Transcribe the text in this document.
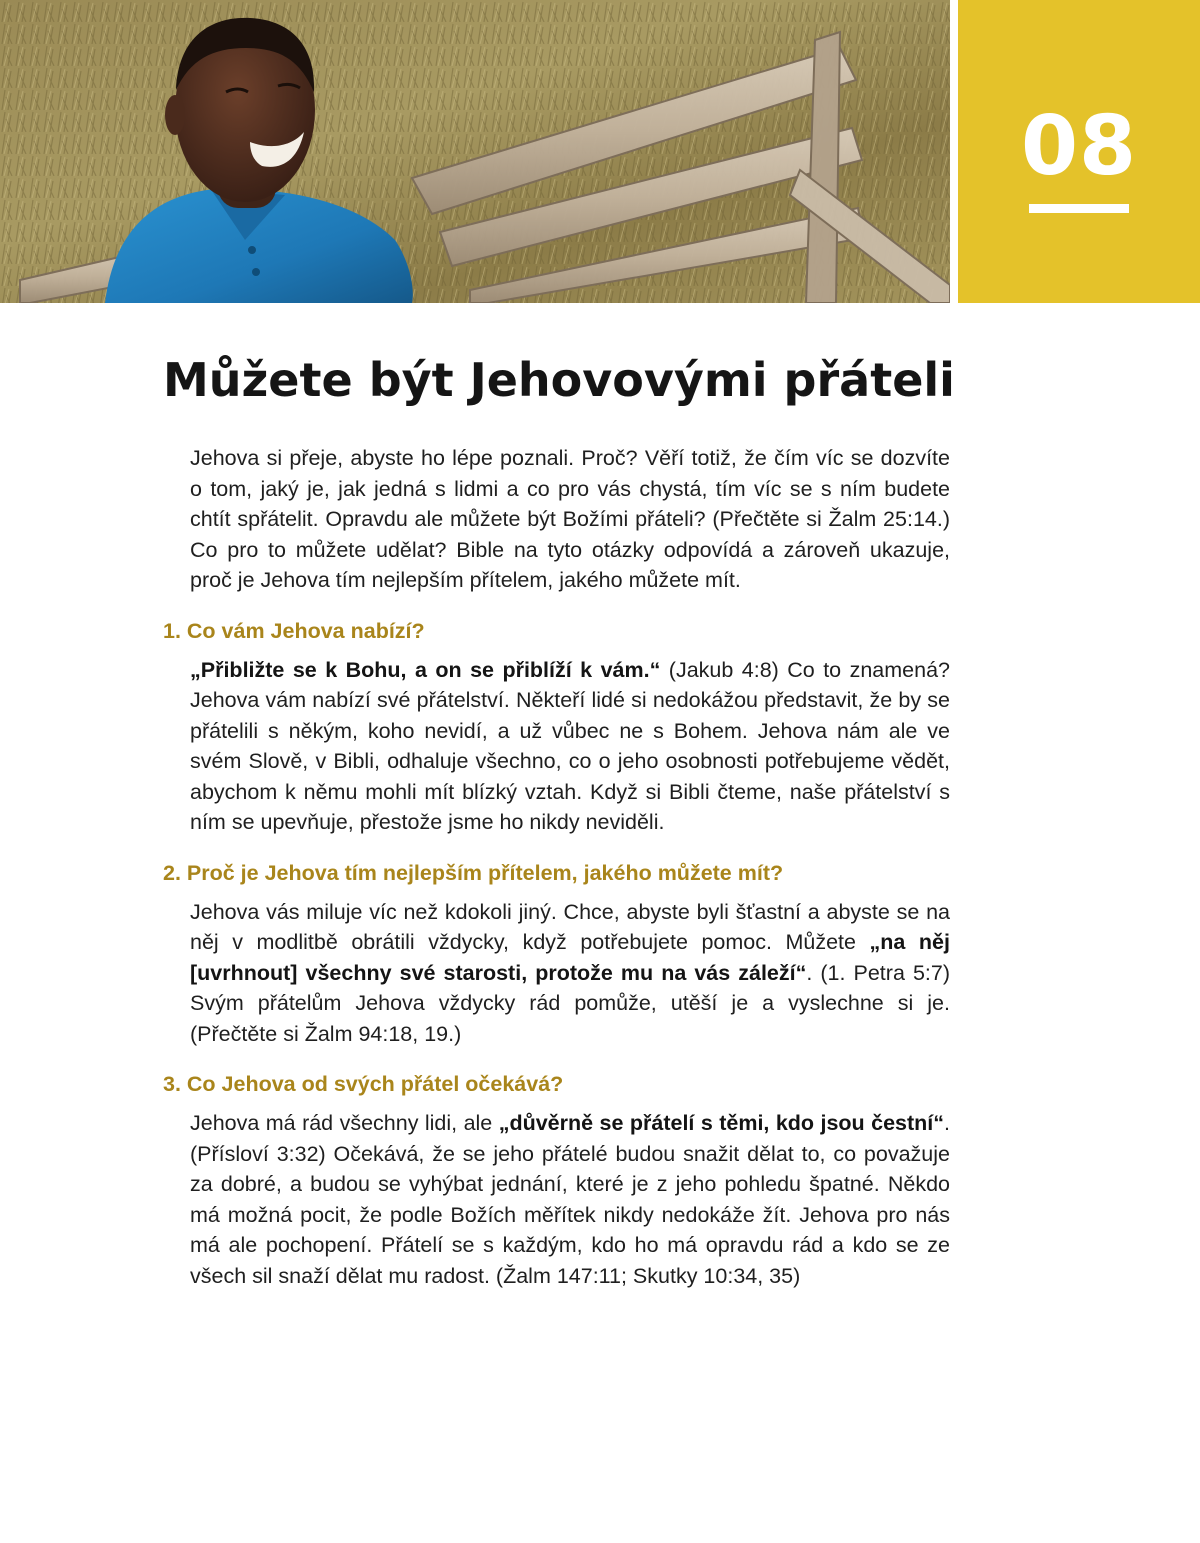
08
Můžete být Jehovovými přáteli

Jehova si přeje, abyste ho lépe poznali. Proč? Věří totiž, že čím víc se dozvíte o tom, jaký je, jak jedná s lidmi a co pro vás chystá, tím víc se s ním budete chtít spřátelit. Opravdu ale můžete být Božími přáteli? (Přečtěte si Žalm 25:14.) Co pro to můžete udělat? Bible na tyto otázky odpovídá a zároveň ukazuje, proč je Jehova tím nejlepším přítelem, jakého můžete mít.

1. Co vám Jehova nabízí?

„Přibližte se k Bohu, a on se přiblíží k vám.“ (Jakub 4:8) Co to znamená? Jehova vám nabízí své přátelství. Někteří lidé si nedokážou představit, že by se přátelili s někým, koho nevidí, a už vůbec ne s Bohem. Jehova nám ale ve svém Slově, v Bibli, odhaluje všechno, co o jeho osobnosti potřebujeme vědět, abychom k němu mohli mít blízký vztah. Když si Bibli čteme, naše přátelství s ním se upevňuje, přestože jsme ho nikdy neviděli.

2. Proč je Jehova tím nejlepším přítelem, jakého můžete mít?

Jehova vás miluje víc než kdokoli jiný. Chce, abyste byli šťastní a abyste se na něj v modlitbě obrátili vždycky, když potřebujete pomoc. Můžete „na něj [uvrhnout] všechny své starosti, protože mu na vás záleží“. (1. Petra 5:7) Svým přátelům Jehova vždycky rád pomůže, utěší je a vyslechne si je. (Přečtěte si Žalm 94:18, 19.)

3. Co Jehova od svých přátel očekává?

Jehova má rád všechny lidi, ale „důvěrně se přátelí s těmi, kdo jsou čestní“. (Přísloví 3:32) Očekává, že se jeho přátelé budou snažit dělat to, co považuje za dobré, a budou se vyhýbat jednání, které je z jeho pohledu špatné. Někdo má možná pocit, že podle Božích měřítek nikdy nedokáže žít. Jehova pro nás má ale pochopení. Přátelí se s každým, kdo ho má opravdu rád a kdo se ze všech sil snaží dělat mu radost. (Žalm 147:11; Skutky 10:34, 35)
